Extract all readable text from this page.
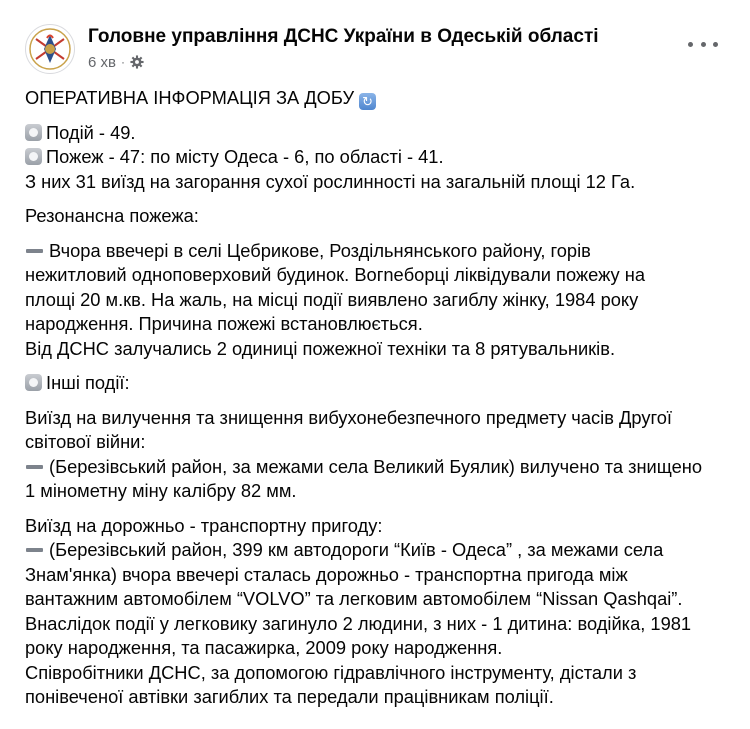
Головне управління ДСНС України в Одеській області
6 хв ·
ОПЕРАТИВНА ІНФОРМАЦІЯ ЗА ДОБУ ↻
Подій - 49.
Пожеж - 47: по місту Одеса - 6, по області - 41.
З них 31 виїзд на загорання сухої рослинності на загальній площі 12 Га.
Резонансна пожежа:
Вчора ввечері в селі Цебрикове, Роздільнянського району, горів
нежитловий одноповерховий будинок. Вогneборці ліквідували пожежу на
площі 20 м.кв. На жаль, на місці події виявлено загиблу жінку, 1984 року
народження. Причина пожежі встановлюється.
Від ДСНС залучались 2 одиниці пожежної техніки та 8 рятувальників.
Інші події:
Виїзд на вилучення та знищення вибухонебезпечного предмету часів Другої
світової війни:
(Березівський район, за межами села Великий Буялик) вилучено та знищено
1 мінометну міну калібру 82 мм.
Виїзд на дорожньо - транспортну пригоду:
(Березівський район, 399 км автодороги “Київ - Одеса” , за межами села
Знам'янка) вчора ввечері сталась дорожньо - транспортна пригода між
вантажним автомобілем “VOLVO” та легковим автомобілем “Nissan Qashqai”.
Внаслідок події у легковику загинуло 2 людини, з них - 1 дитина: водійка, 1981
року народження, та пасажирка, 2009 року народження.
Співробітники ДСНС, за допомогою гідравлічного інструменту, дістали з
понівеченої автівки загиблих та передали працівникам поліції.
